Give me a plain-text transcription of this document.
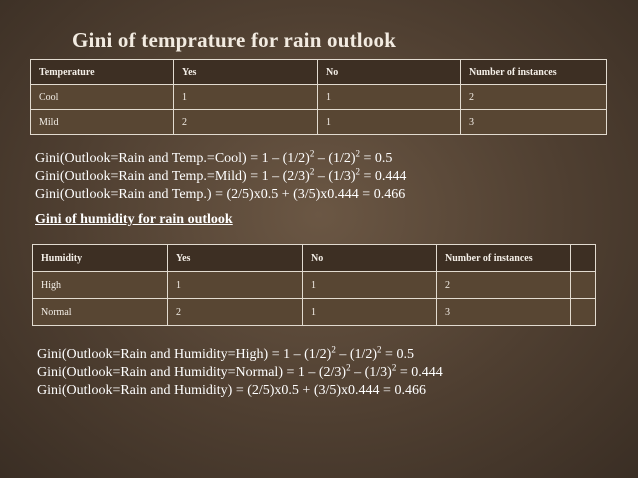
Gini of temprature for rain outlook
Temperature	Yes	No	Number of instances
Cool	1	1	2
Mild	2	1	3
Gini(Outlook=Rain and Temp.=Cool) = $1 - (1/2)^2 - (1/2)^2 = 0.5$
Gini(Outlook=Rain and Temp.=Mild) = $1 - (2/3)^2 - (1/3)^2 = 0.444$
Gini(Outlook=Rain and Temp.) = (2/5)x0.5 + (3/5)x0.444 = 0.466
Gini of humidity for rain outlook
Humidity	Yes	No	Number of instances	
High	1	1	2	
Normal	2	1	3	
Gini(Outlook=Rain and Humidity=High) = $1 - (1/2)^2 - (1/2)^2 = 0.5$
Gini(Outlook=Rain and Humidity=Normal) = $1 - (2/3)^2 - (1/3)^2 = 0.444$
Gini(Outlook=Rain and Humidity) = (2/5)x0.5 + (3/5)x0.444 = 0.466
